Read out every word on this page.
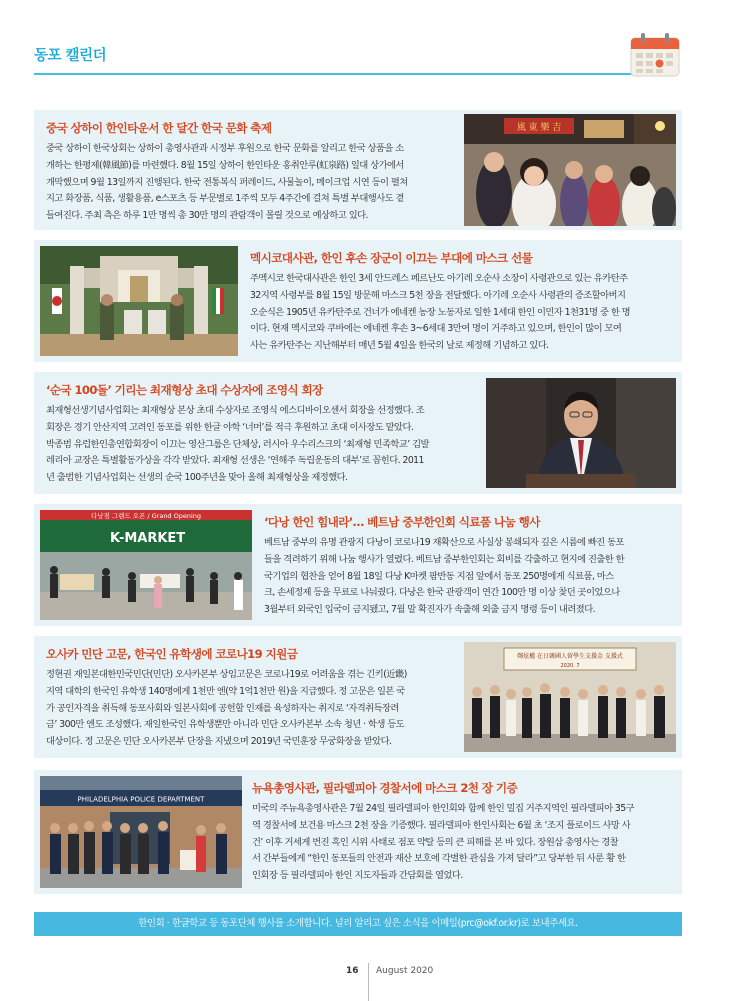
동포 캘린더
중국 상하이 한인타운서 한 달간 한국 문화 축제
중국 상하이 한국상회는 상하이 총영사관과 시정부 후원으로 한국 문화를 알리고 한국 상품을 소
개하는 한평제(韓風節)를 마련했다. 8월 15일 상하이 한인타운 홍취안루(虹泉路) 일대 상가에서
개막했으며 9월 13일까지 진행된다. 한국 전통복식 퍼레이드, 사물놀이, 메이크업 시연 등이 펼쳐
지고 화장품, 식품, 생활용품, e스포츠 등 부문별로 1주씩 모두 4주간에 걸쳐 특별 부대행사도 곁
들여진다. 주최 측은 하루 1만 명씩 총 30만 명의 관람객이 몰릴 것으로 예상하고 있다.
風 東 樂 吉
멕시코대사관, 한인 후손 장군이 이끄는 부대에 마스크 선물
주멕시코 한국대사관은 한인 3세 안드레스 페르난도 아기레 오순사 소장이 사령관으로 있는 유카탄주
32지역 사령부를 8월 15일 방문해 마스크 5천 장을 전달했다. 아기레 오순사 사령관의 증조할아버지
오순식은 1905년 유카탄주로 건너가 에네켄 농장 노동자로 일한 1세대 한인 이민자 1천31명 중 한 명
이다. 현재 멕시코와 쿠바에는 에네켄 후손 3~6세대 3만여 명이 거주하고 있으며, 한인이 많이 모여
사는 유카탄주는 지난해부터 매년 5월 4일을 한국의 날로 제정해 기념하고 있다.
‘순국 100돌’ 기리는 최재형상 초대 수상자에 조영식 회장
최재형선생기념사업회는 최재형상 본상 초대 수상자로 조영식 에스디바이오센서 회장을 선정했다. 조
회장은 경기 안산지역 고려인 동포를 위한 한글 야학 ‘너머’를 적극 후원하고 초대 이사장도 맡았다.
박종범 유럽한인총연합회장이 이끄는 영산그룹은 단체상, 러시아 우수리스크의 ‘최재형 민족학교’ 김발
레리아 교장은 특별활동가상을 각각 받았다. 최재형 선생은 ‘연해주 독립운동의 대부’로 꼽힌다. 2011
년 출범한 기념사업회는 선생의 순국 100주년을 맞아 올해 최재형상을 제정했다.
다낭점 그랜드 오픈 / Grand Opening
K-MARKET
‘다낭 한인 힘내라’… 베트남 중부한인회 식료품 나눔 행사
베트남 중부의 유명 관광지 다낭이 코로나19 재확산으로 사실상 봉쇄되자 깊은 시름에 빠진 동포
들을 격려하기 위해 나눔 행사가 열렸다. 베트남 중부한인회는 회비를 각출하고 현지에 진출한 한
국기업의 협찬을 얻어 8월 18일 다낭 K마켓 팜반동 지점 앞에서 동포 250명에게 식료품, 마스
크, 손세정제 등을 무료로 나눠줬다. 다낭은 한국 관광객이 연간 100만 명 이상 찾던 곳이었으나
3월부터 외국인 입국이 금지됐고, 7월 말 확진자가 속출해 외출 금지 명령 등이 내려졌다.
오사카 민단 고문, 한국인 유학생에 코로나19 지원금
정현권 재일본대한민국민단(민단) 오사카본부 상임고문은 코로나19로 어려움을 겪는 긴키(近畿)
지역 대학의 한국인 유학생 140명에게 1천만 엔(약 1억1천만 원)을 지급했다. 정 고문은 일본 국
가 공인자격을 취득해 동포사회와 일본사회에 공헌할 인재를 육성하자는 취지로 ‘자격취득장려
금’ 300만 엔도 조성했다. 재일한국인 유학생뿐만 아니라 민단 오사카본부 소속 청년 · 학생 등도
대상이다. 정 고문은 민단 오사카본부 단장을 지냈으며 2019년 국민훈장 무궁화장을 받았다.
鄭炫權 在日韓國人留學生支援金 支援式
2020. 7
PHILADELPHIA POLICE DEPARTMENT
뉴욕총영사관, 필라델피아 경찰서에 마스크 2천 장 기증
미국의 주뉴욕총영사관은 7월 24일 필라델피아 한인회와 함께 한인 밀집 거주지역인 필라델피아 35구
역 경찰서에 보건용 마스크 2천 장을 기증했다. 필라델피아 한인사회는 6월 초 ‘조지 플로이드 사망 사
건’ 이후 거세게 번진 흑인 시위 사태로 점포 약탈 등의 큰 피해를 본 바 있다. 장원삼 총영사는 경찰
서 간부들에게 “한인 동포들의 안전과 재산 보호에 각별한 관심을 가져 달라”고 당부한 뒤 사룬 황 한
인회장 등 필라델피아 한인 지도자들과 간담회를 열었다.
한인회 · 한글학교 등 동포단체 행사를 소개합니다. 널리 알리고 싶은 소식을 이메일(prc@okf.or.kr)로 보내주세요.
16 August 2020
